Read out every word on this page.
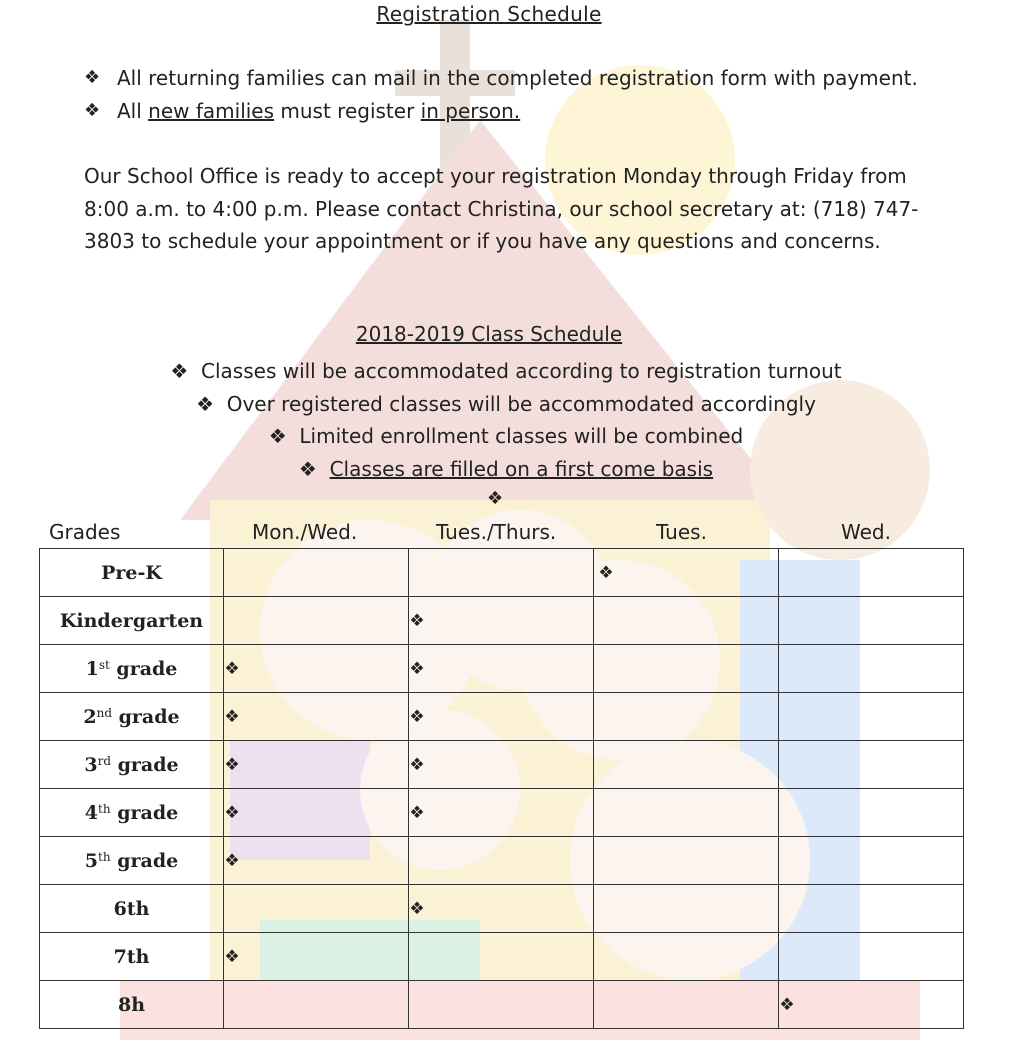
Registration Schedule
❖ All returning families can mail in the completed registration form with payment.
❖ All new families must register in person.
Our School Office is ready to accept your registration Monday through Friday from 8:00 a.m. to 4:00 p.m. Please contact Christina, our school secretary at: (718) 747-3803 to schedule your appointment or if you have any questions and concerns.
2018-2019 Class Schedule
❖ Classes will be accommodated according to registration turnout
❖ Over registered classes will be accommodated accordingly
❖ Limited enrollment classes will be combined
❖ Classes are filled on a first come basis
❖
Grades	Mon./Wed.	Tues./Thurs.	Tues.	Wed.
Pre-K			❖	
Kindergarten		❖		
1st grade	❖	❖		
2nd grade	❖	❖		
3rd grade	❖	❖		
4th grade	❖	❖		
5th grade	❖			
6th		❖		
7th	❖			
8h				❖
